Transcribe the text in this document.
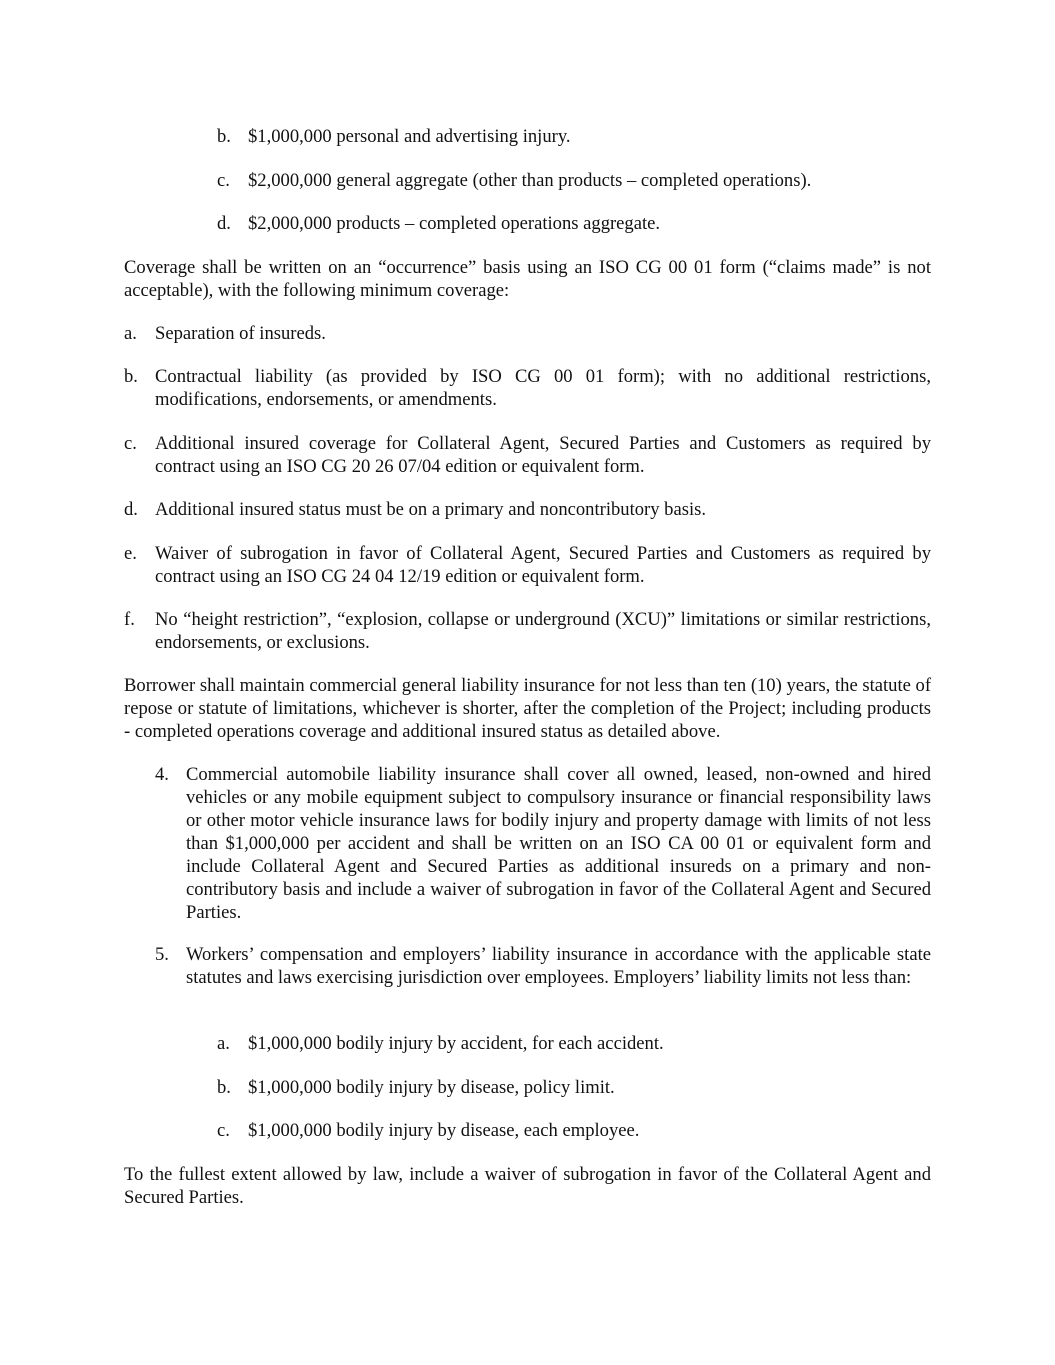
b. $1,000,000 personal and advertising injury.
c. $2,000,000 general aggregate (other than products – completed operations).
d. $2,000,000 products – completed operations aggregate.

Coverage shall be written on an “occurrence” basis using an ISO CG 00 01 form (“claims made” is not acceptable), with the following minimum coverage:

a. Separation of insureds.
b. Contractual liability (as provided by ISO CG 00 01 form); with no additional restrictions, modifications, endorsements, or amendments.
c. Additional insured coverage for Collateral Agent, Secured Parties and Customers as required by contract using an ISO CG 20 26 07/04 edition or equivalent form.
d. Additional insured status must be on a primary and noncontributory basis.
e. Waiver of subrogation in favor of Collateral Agent, Secured Parties and Customers as required by contract using an ISO CG 24 04 12/19 edition or equivalent form.
f.	No “height restriction”, “explosion, collapse or underground (XCU)” limitations or similar restrictions, endorsements, or exclusions.

Borrower shall maintain commercial general liability insurance for not less than ten (10) years, the statute of repose or statute of limitations, whichever is shorter, after the completion of the Project; including products - completed operations coverage and additional insured status as detailed above.

4. Commercial automobile liability insurance shall cover all owned, leased, non-owned and hired vehicles or any mobile equipment subject to compulsory insurance or financial responsibility laws or other motor vehicle insurance laws for bodily injury and property damage with limits of not less than $1,000,000 per accident and shall be written on an ISO CA 00 01 or equivalent form and include Collateral Agent and Secured Parties as additional insureds on a primary and non-contributory basis and include a waiver of subrogation in favor of the Collateral Agent and Secured Parties.
5. Workers’ compensation and employers’ liability insurance in accordance with the applicable state statutes and laws exercising jurisdiction over employees. Employers’ liability limits not less than:
a. $1,000,000 bodily injury by accident, for each accident.
b. $1,000,000 bodily injury by disease, policy limit.
c. $1,000,000 bodily injury by disease, each employee.

To the fullest extent allowed by law, include a waiver of subrogation in favor of the Collateral Agent and Secured Parties.
